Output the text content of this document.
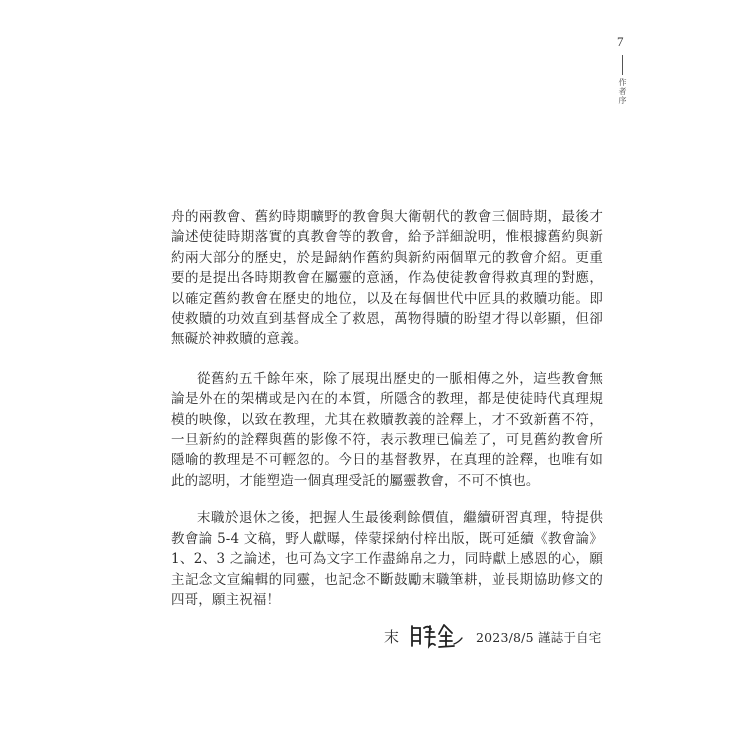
7
作者序

舟的兩教會、舊約時期曠野的教會與大衛朝代的教會三個時期，最後才論述使徒時期落實的真教會等的教會，給予詳細說明，惟根據舊約與新約兩大部分的歷史，於是歸納作舊約與新約兩個單元的教會介紹。更重要的是提出各時期教會在屬靈的意涵，作為使徒教會得救真理的對應，以確定舊約教會在歷史的地位，以及在每個世代中匠具的救贖功能。即使救贖的功效直到基督成全了救恩，萬物得贖的盼望才得以彰顯，但卻無礙於神救贖的意義。

從舊約五千餘年來，除了展現出歷史的一脈相傳之外，這些教會無論是外在的架構或是內在的本質，所隱含的教理，都是使徒時代真理規模的映像，以致在教理，尤其在救贖教義的詮釋上，才不致新舊不符，一旦新約的詮釋與舊的影像不符，表示教理已偏差了，可見舊約教會所隱喻的教理是不可輕忽的。今日的基督教界，在真理的詮釋，也唯有如此的認明，才能塑造一個真理受託的屬靈教會，不可不慎也。

末職於退休之後，把握人生最後剩餘價值，繼續研習真理，特提供教會論 5-4 文稿，野人獻曝，倖蒙採納付梓出版，既可延續《教會論》1、2、3 之論述，也可為文字工作盡綿帛之力，同時獻上感恩的心，願主記念文宣編輯的同靈，也記念不斷鼓勵末職筆耕，並長期協助修文的四哥，願主祝福！

末	2023/8/5 謹誌于自宅
